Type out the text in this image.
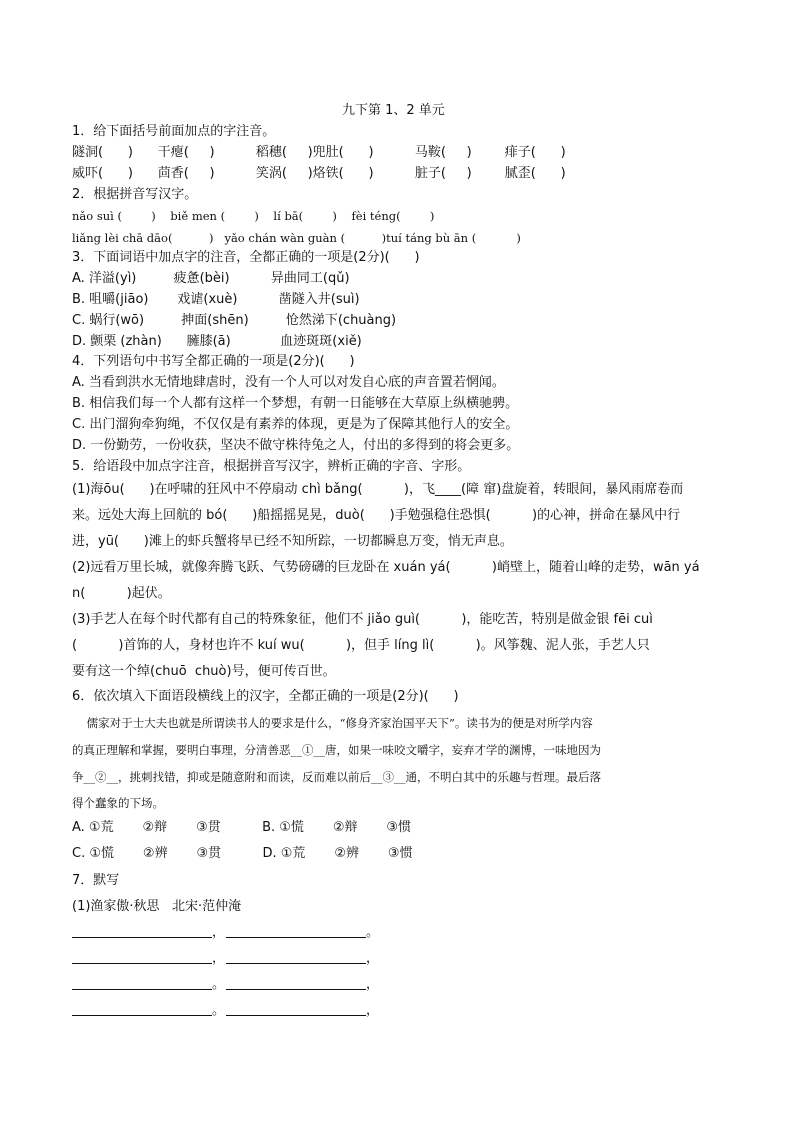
九下第 1、2 单元
1．给下面括号前面加点的字注音。
隧洞(      )      干瘪(     )          稻穗(     )兜肚(      )          马鞍(     )        痱子(      )
威吓(      )      茴香(     )          笑涡(     )烙铁(      )          脏子(     )        腻歪(      )
2．根据拼音写汉字。
nǎo suì (        )    biě men (        )    lí bā(        )    fèi téng(        )
liǎng lèi chā dāo(          )   yǎo chán wàn guàn (          )tuí táng bù ān (           )
3．下面词语中加点字的注音，全都正确的一项是(2分)(      )
A. 洋溢(yì)         疲惫(bèi)          异曲同工(qǔ)
B. 咀嚼(jiāo)       戏谑(xuè)          凿隧入井(suì)
C. 蜗行(wō)         抻面(shēn)         怆然涕下(chuàng)
D. 颤栗 (zhàn)      臃膝(ā)            血迹斑斑(xiě)
4．下列语句中书写全都正确的一项是(2分)(      )
A. 当看到洪水无情地肆虐时，没有一个人可以对发自心底的声音置若惘闻。
B. 相信我们每一个人都有这样一个梦想，有朝一日能够在大草原上纵横驰骋。
C. 出门溜狗牵狗绳，不仅仅是有素养的体现，更是为了保障其他行人的安全。
D. 一份勤劳，一份收获，坚决不做守株待兔之人，付出的多得到的将会更多。
5．给语段中加点字注音，根据拼音写汉字，辨析正确的字音、字形。
(1)海ōu(      )在呼啸的狂风中不停扇动 chì bǎng(          )，飞____(障 窜)盘旋着，转眼间，暴风雨席卷而
来。远处大海上回航的 bó(      )船摇摇晃晃，duò(      )手勉强稳住恐惧(          )的心神，拼命在暴风中行
进，yū(      )滩上的虾兵蟹将早已经不知所踪，一切都瞬息万变，悄无声息。
(2)远看万里长城，就像奔腾飞跃、气势磅礴的巨龙卧在 xuán yá(          )峭壁上，随着山峰的走势，wān yá
n(          )起伏。
(3)手艺人在每个时代都有自己的特殊象征，他们不 jiǎo guì(          )，能吃苦，特别是做金银 fēi cuì
(          )首饰的人，身材也许不 kuí wu(          )，但手 líng lì(          )。风筝魏、泥人张，手艺人只
要有这一个绰(chuō  chuò)号，便可传百世。
6．依次填入下面语段横线上的汉字，全都正确的一项是(2分)(      )
儒家对于士大夫也就是所谓读书人的要求是什么，“修身齐家治国平天下”。读书为的便是对所学内容
的真正理解和掌握，要明白事理，分清善恶__①__唐，如果一味咬文嚼字，妄弃才学的渊博，一味地因为
争__②__，挑刺找错，抑或是随意附和而读，反而难以前后__③__通，不明白其中的乐趣与哲理。最后落
得个蠢象的下场。
A. ①荒       ②辩       ③贯          B. ①慌       ②辩       ③惯
C. ①慌       ②辨       ③贯          D. ①荒       ②辨       ③惯
7．默写
(1)渔家傲·秋思   北宋·范仲淹
，	。
，	，
。	，
。	，
